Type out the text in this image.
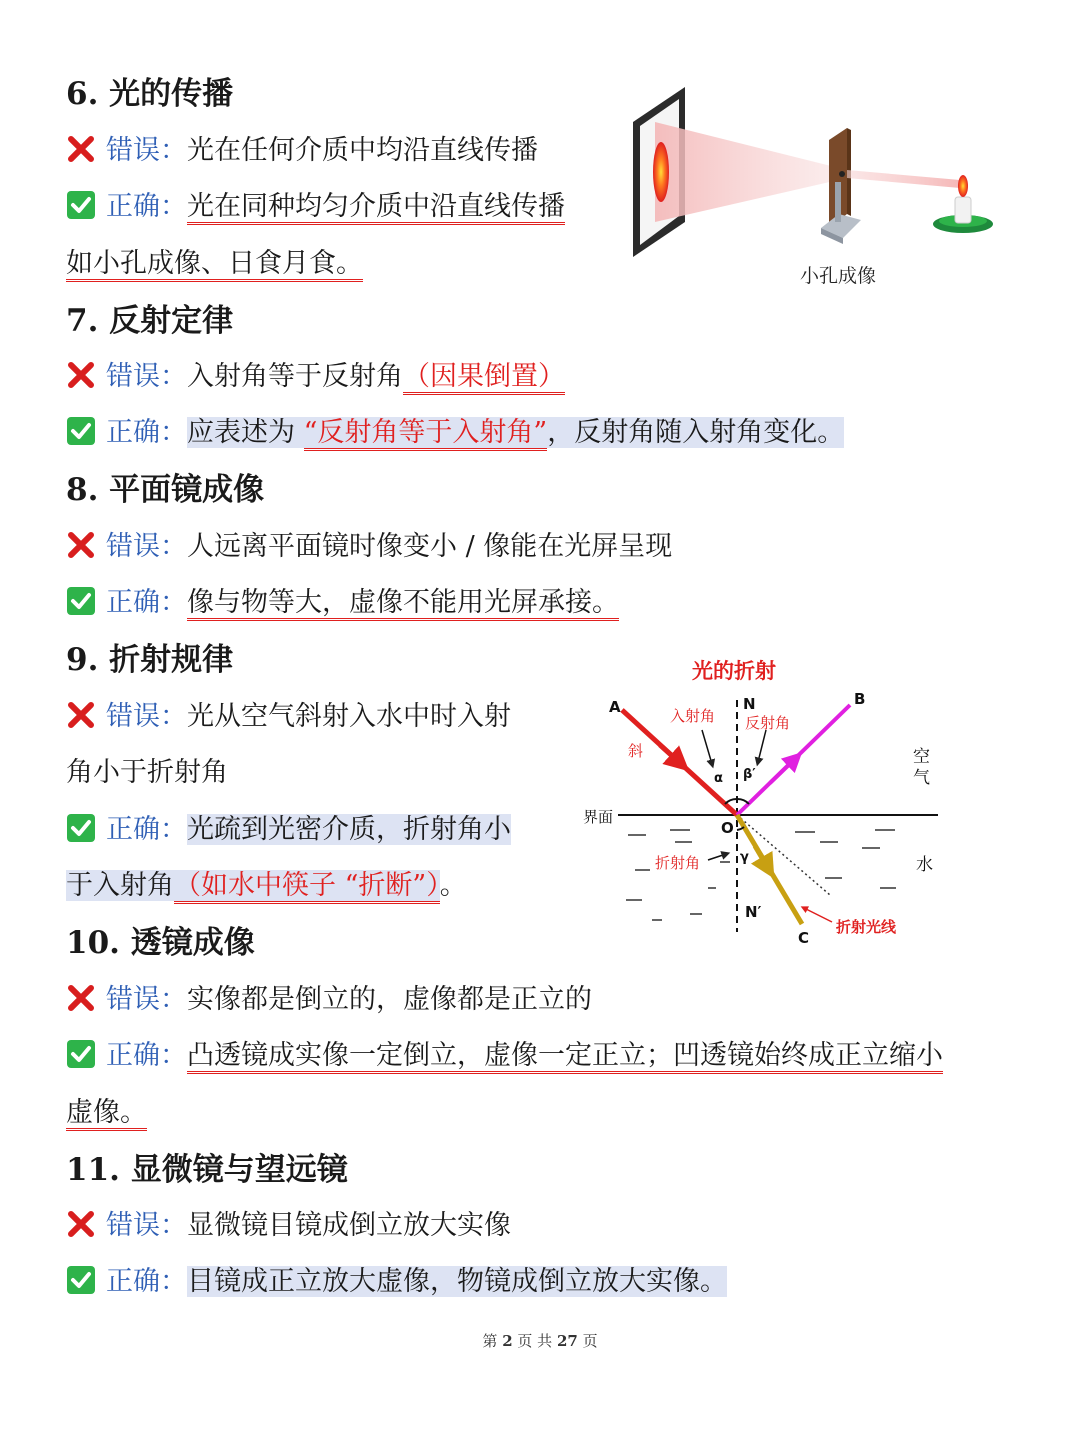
6. 光的传播
错误：光在任何介质中均沿直线传播
正确：光在同种均匀介质中沿直线传播
如小孔成像、日食月食。	小孔成像
7. 反射定律
错误：入射角等于反射角（因果倒置）
正确：应表述为 “反射角等于入射角”，反射角随入射角变化。
8. 平面镜成像
错误：人远离平面镜时像变小 / 像能在光屏呈现
正确：像与物等大，虚像不能用光屏承接。
9. 折射规律
错误：光从空气斜射入水中时入射
角小于折射角
正确：光疏到光密介质，折射角小
于入射角（如水中筷子 “折断”）。
光的折射
A	B
C
N
N′
O
入射角 反射角
折射角
折射光线
斜
界面
空
气
水
α β′
γ
10. 透镜成像
错误：实像都是倒立的，虚像都是正立的
正确：凸透镜成实像一定倒立，虚像一定正立；凹透镜始终成正立缩小
虚像。
11. 显微镜与望远镜
错误：显微镜目镜成倒立放大实像
正确：目镜成正立放大虚像，物镜成倒立放大实像。
第 2 页 共 27 页
